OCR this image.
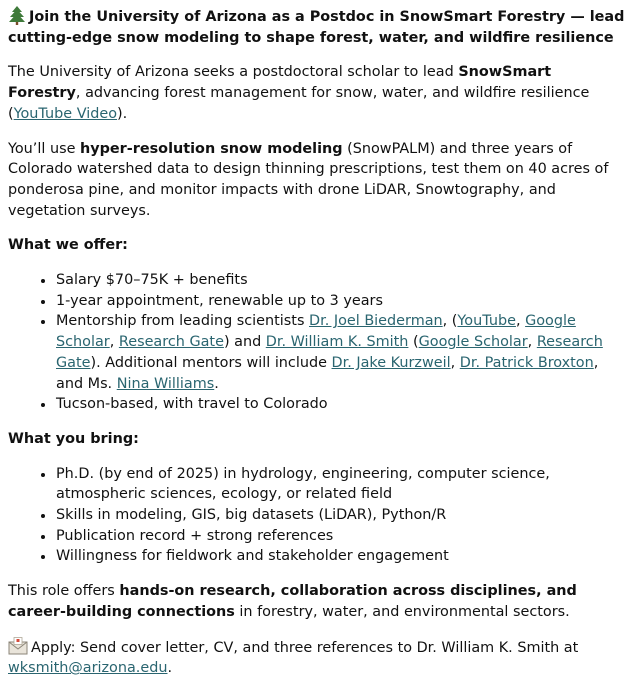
Join the University of Arizona as a Postdoc in SnowSmart Forestry — lead cutting-edge snow modeling to shape forest, water, and wildfire resilience

The University of Arizona seeks a postdoctoral scholar to lead SnowSmart Forestry, advancing forest management for snow, water, and wildfire resilience (YouTube Video).

You’ll use hyper-resolution snow modeling (SnowPALM) and three years of Colorado watershed data to design thinning prescriptions, test them on 40 acres of ponderosa pine, and monitor impacts with drone LiDAR, Snowtography, and vegetation surveys.

What we offer:

• Salary $70–75K + benefits
• 1-year appointment, renewable up to 3 years
• Mentorship from leading scientists Dr. Joel Biederman, (YouTube, Google Scholar, Research Gate) and Dr. William K. Smith (Google Scholar, Research Gate). Additional mentors will include Dr. Jake Kurzweil, Dr. Patrick Broxton, and Ms. Nina Williams.
• Tucson-based, with travel to Colorado

What you bring:

• Ph.D. (by end of 2025) in hydrology, engineering, computer science, atmospheric sciences, ecology, or related field
• Skills in modeling, GIS, big datasets (LiDAR), Python/R
• Publication record + strong references
• Willingness for fieldwork and stakeholder engagement

This role offers hands-on research, collaboration across disciplines, and career-building connections in forestry, water, and environmental sectors.

Apply: Send cover letter, CV, and three references to Dr. William K. Smith at wksmith@arizona.edu.
